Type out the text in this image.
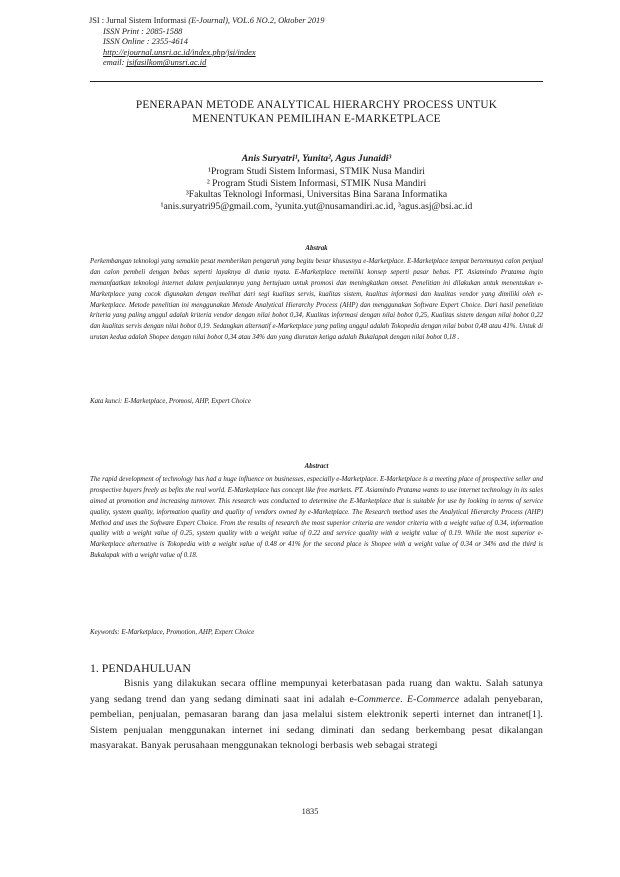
JSI : Jurnal Sistem Informasi (E-Journal), VOL.6 NO.2, Oktober 2019
ISSN Print : 2085-1588
ISSN Online : 2355-4614
http://ejournal.unsri.ac.id/index.php/jsi/index
email: jsifasilkom@unsri.ac.id
PENERAPAN METODE ANALYTICAL HIERARCHY PROCESS UNTUK
MENENTUKAN PEMILIHAN E-MARKETPLACE
Anis Suryatri¹, Yunita², Agus Junaidi³
¹Program Studi Sistem Informasi, STMIK Nusa Mandiri
² Program Studi Sistem Informasi, STMIK Nusa Mandiri
³Fakultas Teknologi Informasi, Universitas Bina Sarana Informatika
¹anis.suryatri95@gmail.com, ²yunita.yut@nusamandiri.ac.id, ³agus.asj@bsi.ac.id
Abstrak
Perkembangan teknologi yang semakin pesat memberikan pengaruh yang begitu besar khususnya e-Marketplace. E-Marketplace tempat bertemunya calon penjual dan calon pembeli dengan bebas seperti layaknya di dunia nyata. E-Marketplace memiliki konsep seperti pasar bebas. PT. Asiamindo Pratama ingin memanfaatkan teknologi internet dalam penjualannya yang bertujuan untuk promosi dan meningkatkan omset. Penelitian ini dilakukan untuk menentukan e-Marketplace yang cocok digunakan dengan melihat dari segi kualitas servis, kualitas sistem, kualitas informasi dan kualitas vendor yang dimiliki oleh e-Marketplace. Metode penelitian ini menggunakan Metode Analytical Hierarchy Process (AHP) dan menggunakan Software Expert Choice. Dari hasil penelitian kriteria yang paling unggul adalah kriteria vendor dengan nilai bobot 0,34, Kualitas informasi dengan nilai bobot 0,25, Kualitas sistem dengan nilai bobot 0,22 dan kualitas servis dengan nilai bobot 0,19. Sedangkan alternatif e-Marketplace yang paling unggul adalah Tokopedia dengan nilai bobot 0,48 atau 41%. Untuk di urutan kedua adalah Shopee dengan nilai bobot 0,34 atau 34% dan yang diurutan ketiga adalah Bukalapak dengan nilai bobot 0,18 .
Kata kunci: E-Marketplace, Promosi, AHP, Expert Choice
Abstract
The rapid development of technology has had a huge influence on businesses, especially e-Marketplace. E-Marketplace is a meeting place of prospective seller and prospective buyers freely as befits the real world. E-Marketplace has concept like free markets. PT. Asiamindo Pratama wants to use internet technology in its sales aimed at promotion and increasing turnover. This research was conducted to determine the E-Marketplace that is suitable for use by looking in terms of service quality, system quality, information quality and quality of vendors owned by e-Marketplace. The Research method uses the Analytical Hierarchy Process (AHP) Method and uses the Software Expert Choice. From the results of research the most superior criteria are vendor criteria with a weight value of 0.34, information quality with a weight value of 0.25, system quality with a weight value of 0.22 and service quality with a weight value of 0.19. While the most superior e-Marketplace alternative is Tokopedia with a weight value of 0.48 or 41% for the second place is Shopee with a weight value of 0.34 or 34% and the third is Bukalapak with a weight value of 0.18.
Keywords: E-Marketplace, Promotion, AHP, Expert Choice
1. PENDAHULUAN
Bisnis yang dilakukan secara offline mempunyai keterbatasan pada ruang dan waktu. Salah satunya yang sedang trend dan yang sedang diminati saat ini adalah e-Commerce. E-Commerce adalah penyebaran, pembelian, penjualan, pemasaran barang dan jasa melalui sistem elektronik seperti internet dan intranet[1]. Sistem penjualan menggunakan internet ini sedang diminati dan sedang berkembang pesat dikalangan masyarakat. Banyak perusahaan menggunakan teknologi berbasis web sebagai strategi
1835
